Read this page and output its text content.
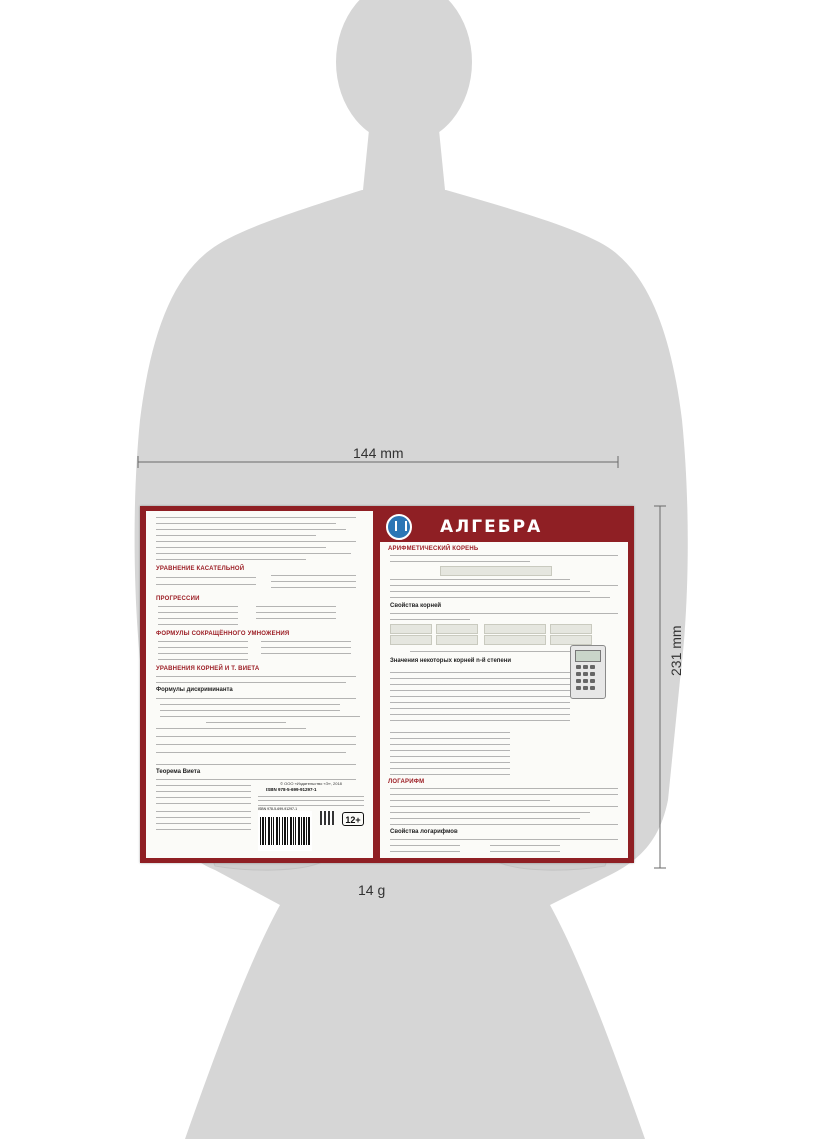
144 mm
231 mm
14 g
УРАВНЕНИЕ КАСАТЕЛЬНОЙ
ПРОГРЕССИИ
ФОРМУЛЫ СОКРАЩЁННОГО УМНОЖЕНИЯ
УРАВНЕНИЯ КОРНЕЙ И Т. ВИЕТА
Формулы дискриминанта
Теорема Виета
© ООО «Издательство «Э», 2018
ISBN 978-5-699-91297-1
ISBN 978-5-699-91297-1
12+
АЛГЕБРА
АРИФМЕТИЧЕСКИЙ КОРЕНЬ
Свойства корней
Значения некоторых корней n-й степени
ЛОГАРИФМ
Свойства логарифмов
